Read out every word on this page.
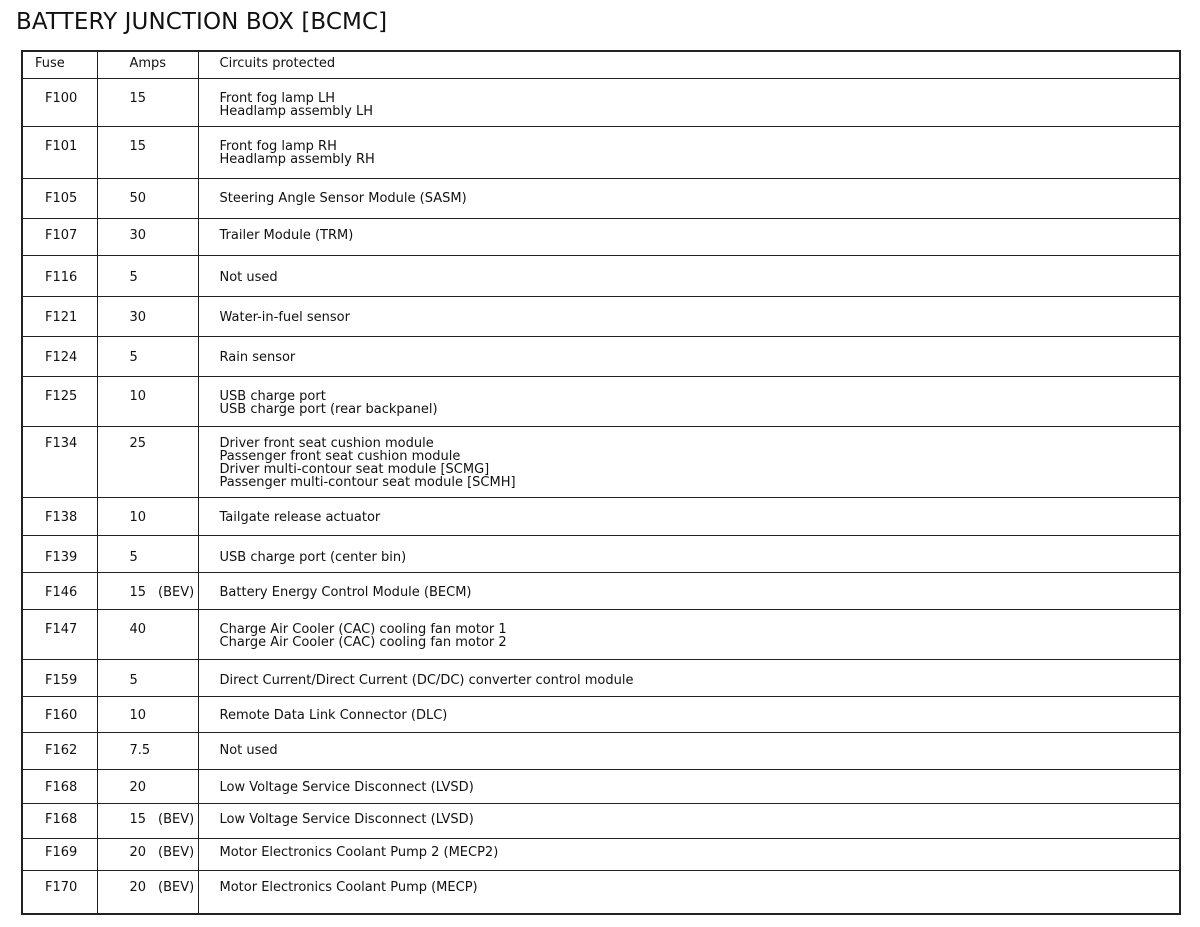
BATTERY JUNCTION BOX [BCMC]
Fuse	Amps	Circuits protected
F100	15	Front fog lamp LH
Headlamp assembly LH

F101	15	Front fog lamp RH
Headlamp assembly RH

F105	50	Steering Angle Sensor Module (SASM)

F107	30	Trailer Module (TRM)

F116	5	Not used

F121	30	Water-in-fuel sensor

F124	5	Rain sensor

F125	10	USB charge port
USB charge port (rear backpanel)

F134	25	Driver front seat cushion module
Passenger front seat cushion module
Driver multi-contour seat module [SCMG]
Passenger multi-contour seat module [SCMH]

F138	10	Tailgate release actuator

F139	5	USB charge port (center bin)

F146	15 (BEV)	Battery Energy Control Module (BECM)

F147	40	Charge Air Cooler (CAC) cooling fan motor 1
Charge Air Cooler (CAC) cooling fan motor 2

F159	5	Direct Current/Direct Current (DC/DC) converter control module

F160	10	Remote Data Link Connector (DLC)

F162	7.5	Not used

F168	20	Low Voltage Service Disconnect (LVSD)

F168	15 (BEV)	Low Voltage Service Disconnect (LVSD)

F169	20 (BEV)	Motor Electronics Coolant Pump 2 (MECP2)

F170	20 (BEV)	Motor Electronics Coolant Pump (MECP)
